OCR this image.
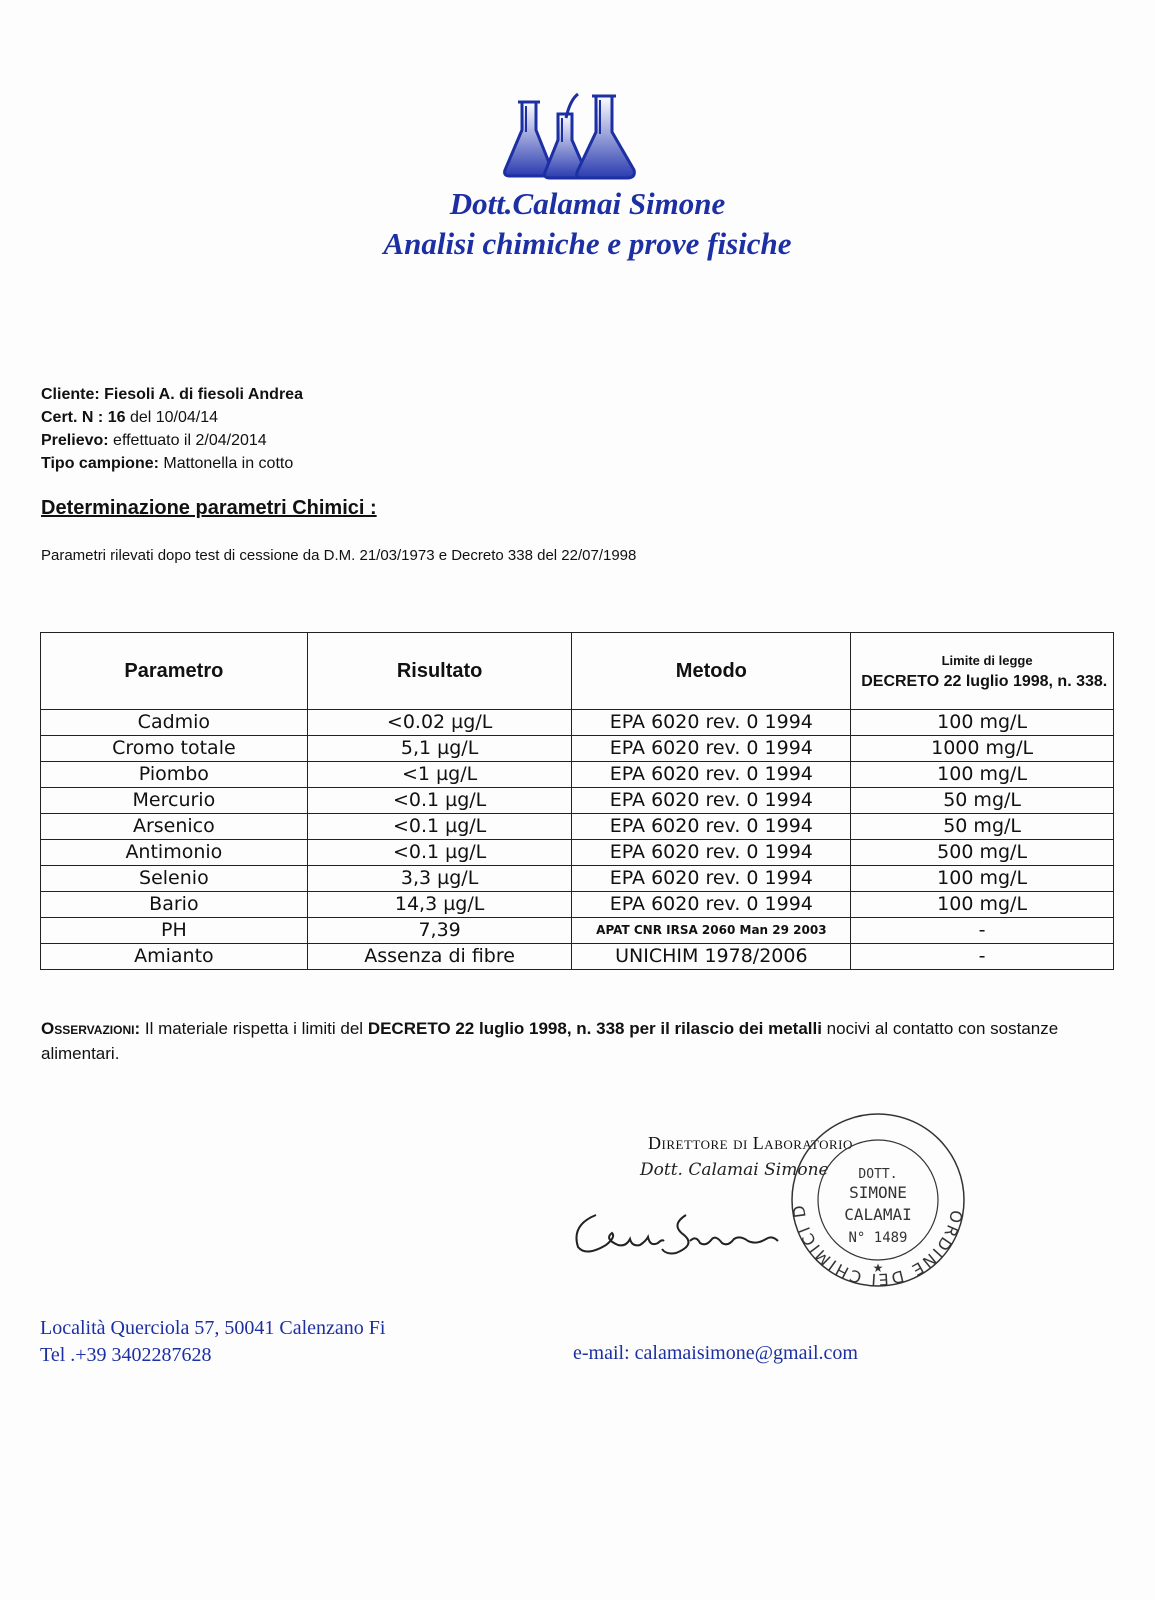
Dott.Calamai Simone
Analisi chimiche e prove fisiche
Cliente: Fiesoli A. di fiesoli Andrea
Cert. N : 16 del 10/04/14
Prelievo: effettuato il 2/04/2014
Tipo campione: Mattonella in cotto
Determinazione parametri Chimici :
Parametri rilevati dopo test di cessione da D.M. 21/03/1973 e Decreto 338 del 22/07/1998
Parametro	Risultato	Metodo	Limite di legge
DECRETO 22 luglio 1998, n. 338.
Cadmio	<0.02 µg/L	EPA 6020 rev. 0 1994	100 mg/L
Cromo totale	5,1 µg/L	EPA 6020 rev. 0 1994	1000 mg/L
Piombo	<1 µg/L	EPA 6020 rev. 0 1994	100 mg/L
Mercurio	<0.1 µg/L	EPA 6020 rev. 0 1994	50 mg/L
Arsenico	<0.1 µg/L	EPA 6020 rev. 0 1994	50 mg/L
Antimonio	<0.1 µg/L	EPA 6020 rev. 0 1994	500 mg/L
Selenio	3,3 µg/L	EPA 6020 rev. 0 1994	100 mg/L
Bario	14,3 µg/L	EPA 6020 rev. 0 1994	100 mg/L
PH	7,39	APAT CNR IRSA 2060 Man 29 2003	-
Amianto	Assenza di fibre	UNICHIM 1978/2006	-
Osservazioni: Il materiale rispetta i limiti del DECRETO 22 luglio 1998, n. 338 per il rilascio dei metalli nocivi al contatto con sostanze alimentari.
Direttore di Laboratorio
Dott. Calamai Simone
ORDINE DEI CHIMICI D
DOTT.
SIMONE
CALAMAI
N° 1489
★
Località Querciola 57, 50041 Calenzano Fi
Tel .+39 3402287628	e-mail: calamaisimone@gmail.com
